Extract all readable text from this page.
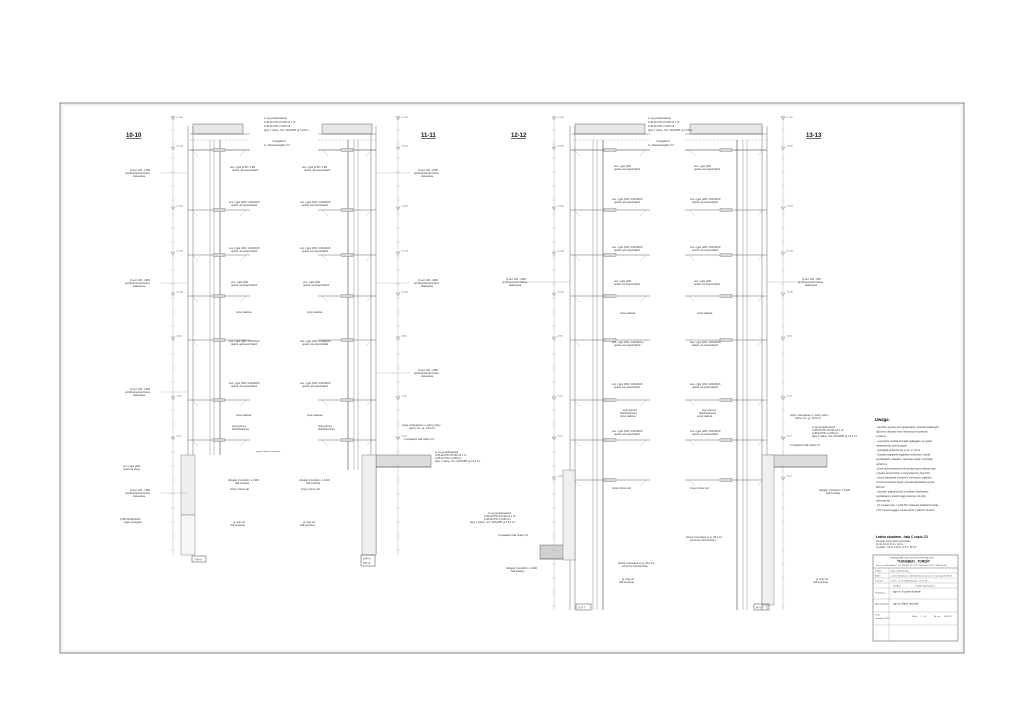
10-10	11-11	12-12	13-13
+16,26
+14,24
+12,33
+10,30
+8,64
+7,94
+6,13
+17,02
+16,26
+14,24
+12,33
+10,30
+8,64
+7,94
+6,13
+17,02
+16,26
+14,24
+12,33
+10,30
+8,64
+7,94
+6,13
+4,22
+17,02
+16,26
+14,24
+12,33
+10,30
+8,64
+7,94
+6,13
+4,22
+17,02
w. wg projektowanie
1xPLAN PIC PC/20 14 1 /2
1xPLAN PIC 2,2/20 14
płyty z wełny, min. ROCKBT gr 11,6cm
zmopadach
cz. blaszowanadzy C1
w. wg projektowanie
1xPLAN PIC PC/20 14 1 /2
1xPLAN PIC 2,2/20 14
płyty z wełny, min. ROCKBT gr 11,6cm
zmopadach
cz. blaszowanadzy C1
ceo. rygle [2 80 / 2 80
oparte na wspornïkach
ceo. rygle [2 80 / 2 80
oparte na wspornïkach
ceo. rygle [160 / L60x60x5
oparte na wspornïkach
ceo. rygle [160 / L60x60x5
oparte na wspornïkach
ceo. rygle [160 / L60x60x5
oparte na wspornïkach
ceo. rygle [160 / L60x60x5
oparte na wspornïkach
ceo. rygle [160
oparte na wspornïkach
ceo. rygle [160
oparte na wspornïkach
strop stalowa	strop stalowa
ceo. rygle [160 / L60x60x5
oparte na wspornïkach
ceo. rygle [160 / L60x60x5
oparte na wspornïkach
ceo. rygle [160 / L60x60x5
oparte na wspornïkach
ceo. rygle [160 / L60x60x5
oparte na wspornïkach
strop stalowa	strop stalowa
stup górnicy
blachowanowy
stup górnicy
blachowanowy
Q.uez 130 - 2700
przekrojowana liniane
stalowowa
Q.uez 130 - 1800
przekrojowana liniane
stalowowa
Q.uez 130 - 1300
przekrojowana liniane
stalowowa
Q.uez 130 - 7500
przekrojowana liniane
stalowowa
1,80x70x90x20x2
sagle ronagaca
ceo. rygle [160
opara na slupy
Q.uez 130 - 2700
przekrojowana liniane
stalowowa
Q.uez 130 - 1800
przekrojowana liniane
stalowowa
Q.uez 130 - 1300
przekrojowana liniane
stalowowa
pzejs. docieplenie m. tekny wolny
wefny min. gr. 13,6 cm
zmopadach hali roduly C1
w. wg projektowanie
1xPLAN PIC PC/20 14 1 /2
1xPLAN PIC 2,2/20 cm
płyty z wełny, min. ROCKBT gr 13,6 cm
pozych. krdosu ponadaw.
dzieglar zmozebim. L 1200
hali wsuzbej
dzieglar zmozebim. L 1200
hali wsuzbej
strop mzieuv skl.	strop mzieuv skl.
gr. dup szt.
hali wsuzteej
gr. dup szt.
hali wsuzteej
ceo. rygle [160
oparte na wspornïkach
ceo. rygle [160
oparte na wspornïkach
ceo. rygle [160 / L60x60x5
oparte na wspornïkach
ceo. rygle [160 / L60x60x5
oparte na wspornïkach
ceo. rygle [160 / L60x60x5
oparte na wspornïkach
ceo. rygle [160 / L60x60x5
oparte na wspornïkach
ceo. rygle [160
oparte na wspornïkach
ceo. rygle [160
oparte na wspornïkach
strop stalowa	strop stalowa
ceo. rygle [160 / L60x60x5
oparte na wspornïkach
ceo. rygle [160 / L60x60x5
oparte na wspornïkach
ceo. rygle [160 / L60x60x5
oparte na wspornïkach
ceo. rygle [160 / L60x60x5
oparte na wspornïkach
strop stalowa	strop stalowa
stup górnicy
blachowanowy
stup górnicy
blachowanowy
ceo. rygle [160 / L60x60x5
oparte na wspornïkach
ceo. rygle [160 / L60x60x5
oparte na wspornïkach
strop mzieuv skl.	strop mzieuv skl.
brama murowana w gr. 25,0 cm
od strony hali wsuzbej
brama murowana w gr. 25,0 cm
od strony hali wsuzbej
gr. dup szt.
hali wsuzteej
gr. dup szt.
hali wsuzteej
dzieglar zmozebim. L 1200
hali wsuzbej
Q.uez 130 - 1220
przekrojowana liniane
stalowowa
Q.uez 130 - 940
przekrojowana liniane
stalowowa
pzejs. docieplenie m. tekny wolny
wefny min. gr. 13,6 cm
w. wg projektowanie
1xPLAN PIC PC/20 14 1 /2
1xPLAN PIC 2,2/20 cm
płyty z wełny, min. ROCKBT gr 13,6 cm
zmopadach hali roduly C1
w. wg projektowanie
1xPLAN PIC PC/20 14 1 /2
1xPLAN PIC 2,2/20 cm
płyty z wełny, min. ROCKBT gr 13,6 cm
zmopadach hali roduly C1
dzieglar zmozebim. L 1200
hali stalowy
7-W-N	5-W-N
5-N'-G
G'-5-7'	M'-5-7'
Uwaga:
- wszystkie wymiary jest, sprawowanie i rozstawu dokłapujych
ogól zemy obudowy przez nieprzejrzych sprawdzie
w naturze
- rewerylacja ciężarka konrujaki sugłagajace na rygiach
nadopedienazi sudemrnogach
- opsrogadły pelacznik sąc wy sk. w. 'Tel 01
- obsadaci wiąząrpnia scjąkośnia montonuan i tarytiki
poszwiedłachy stawialne i opsrdacja, skaldy i zieryfikaty
techniczne
- przed zamronzowaniem ptk na pasorzujcny stalowe rygle
z płytami stemał rozłoży o zamyszlanowny płyte PCV
- zimeki blacharskie montawel z minimalnym zakładem,
10 kroż stemlachrza długory nieroslk blacharskich wynosi
200 0cm
- wszystkie połączenia płyt z ramitkami blacharskim
wyszałowani w sposób ciągły zafermem lub płyty
poliuretanowy
- Do montażu stary z profili PCV dowiewać dodatkowo kiniale
z PCV umochnegąjące montaż alżoni w płaszch obudowy
Łaźnia obudowa - hala C część C3
przekroje przez ściany obwodowe
10-10, 10-11, 11-11, 12-12,
w osiach: 7-W-N, 5-W-N, G'-5-7', M'-5-7'
ZURIKA WIELOSKI ELEKTROTECHNICZNY
"KONSBUD - TORUŃ"
Toruń ul. Wschodnia 7 tel. 956 611 26 - 62 / 5000 ounsi 561 / 196 056 05 ...
Obiekt	Hala codziennego
Adres	Łaźnia obudowa i zakl bekokosciowy ścian i rep kryje 0% 8520
Inwestor	Toruń - ul. M. Skłodowskiej - Curie 25 ...
Stadium	Projekt wykonawczy
Projektant	mgr inż. Krzysztof Kotlarski
Sprawdzający	mgr inż. Marek Jaszczak
Data
Grudzień 2011
Skala	1 : 25	Nr. rys	K-W-76
